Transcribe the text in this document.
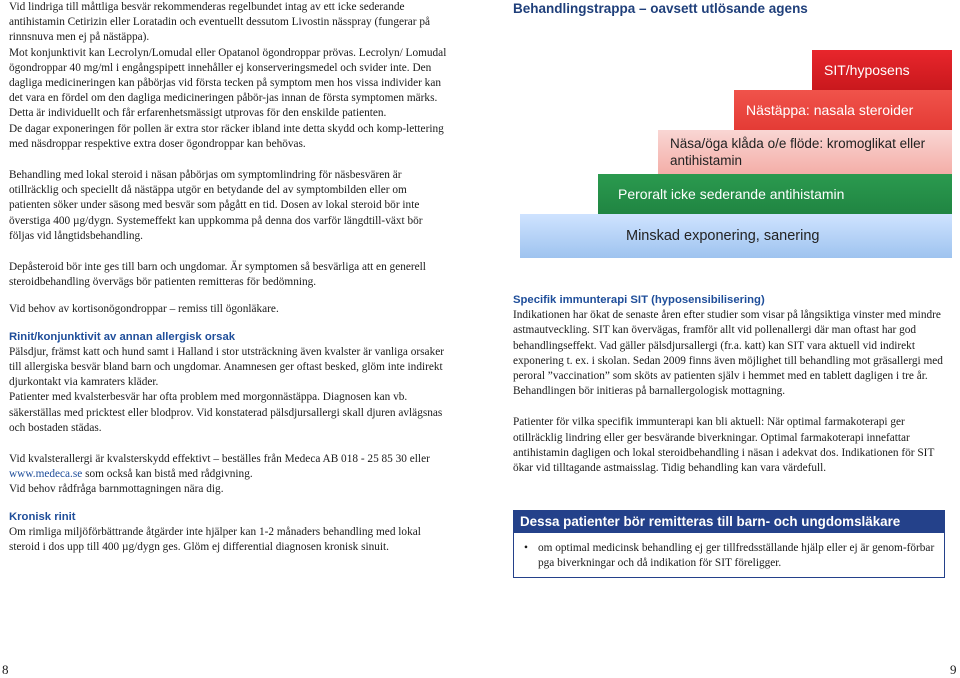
Vid lindriga till måttliga besvär rekommenderas regelbundet intag av ett icke sederande antihistamin Cetirizin eller Loratadin och eventuellt dessutom Livostin nässpray (fungerar på rinnsnuva men ej på nästäppa).

Mot konjunktivit kan Lecrolyn/Lomudal eller Opatanol ögondroppar prövas. Lecrolyn/ Lomudal ögondroppar 40 mg/ml i engångspipett innehåller ej konserveringsmedel och svider inte. Den dagliga medicineringen kan påbörjas vid första tecken på symptom men hos vissa individer kan det vara en fördel om den dagliga medicineringen påbör-jas innan de första symptomen märks. Detta är individuellt och får erfarenhetsmässigt utprovas för den enskilde patienten.

De dagar exponeringen för pollen är extra stor räcker ibland inte detta skydd och komp-lettering med näsdroppar respektive extra doser ögondroppar kan behövas.

Behandling med lokal steroid i näsan påbörjas om symptomlindring för näsbesvären är otillräcklig och speciellt då nästäppa utgör en betydande del av symptombilden eller om patienten söker under säsong med besvär som pågått en tid. Dosen av lokal steroid bör inte överstiga 400 µg/dygn. Systemeffekt kan uppkomma på denna dos varför längdtill-växt bör följas vid långtidsbehandling.

Depåsteroid bör inte ges till barn och ungdomar. Är symptomen så besvärliga att en generell steroidbehandling övervägs bör patienten remitteras för bedömning.

Vid behov av kortisonögondroppar – remiss till ögonläkare.

Rinit/konjunktivit av annan allergisk orsak

Pälsdjur, främst katt och hund samt i Halland i stor utsträckning även kvalster är vanliga orsaker till allergiska besvär bland barn och ungdomar. Anamnesen ger oftast besked, glöm inte indirekt djurkontakt via kamraters kläder.

Patienter med kvalsterbesvär har ofta problem med morgonnästäppa. Diagnosen kan vb. säkerställas med pricktest eller blodprov. Vid konstaterad pälsdjursallergi skall djuren avlägsnas och bostaden städas.

Vid kvalsterallergi är kvalsterskydd effektivt – beställes från Medeca AB 018 - 25 85 30 eller www.medeca.se som också kan bistå med rådgivning.

Vid behov rådfråga barnmottagningen nära dig.

Kronisk rinit

Om rimliga miljöförbättrande åtgärder inte hjälper kan 1-2 månaders behandling med lokal steroid i dos upp till 400 µg/dygn ges. Glöm ej differential diagnosen kronisk sinuit.

Behandlingstrappa – oavsett utlösande agens

SIT/hyposens
Nästäppa: nasala steroider
Näsa/öga klåda o/e flöde: kromoglikat eller antihistamin
Peroralt icke sederande antihistamin
Minskad exponering, sanering

Specifik immunterapi SIT (hyposensibilisering)

Indikationen har ökat de senaste åren efter studier som visar på långsiktiga vinster med mindre astmautveckling. SIT kan övervägas, framför allt vid pollenallergi där man oftast har god behandlingseffekt. Vad gäller pälsdjursallergi (fr.a. katt) kan SIT vara aktuell vid indirekt exponering t. ex. i skolan. Sedan 2009 finns även möjlighet till behandling mot gräsallergi med peroral ”vaccination” som sköts av patienten själv i hemmet med en tablett dagligen i tre år. Behandlingen bör initieras på barnallergologisk mottagning.

Patienter för vilka specifik immunterapi kan bli aktuell: När optimal farmakoterapi ger otillräcklig lindring eller ger besvärande biverkningar. Optimal farmakoterapi innefattar antihistamin dagligen och lokal steroidbehandling i näsan i adekvat dos. Indikationen för SIT ökar vid tilltagande astmaisslag. Tidig behandling kan vara värdefull.

Dessa patienter bör remitteras till barn- och ungdomsläkare
• om optimal medicinsk behandling ej ger tillfredsställande hjälp eller ej är genom-förbar pga biverkningar och då indikation för SIT föreligger.
8	9
